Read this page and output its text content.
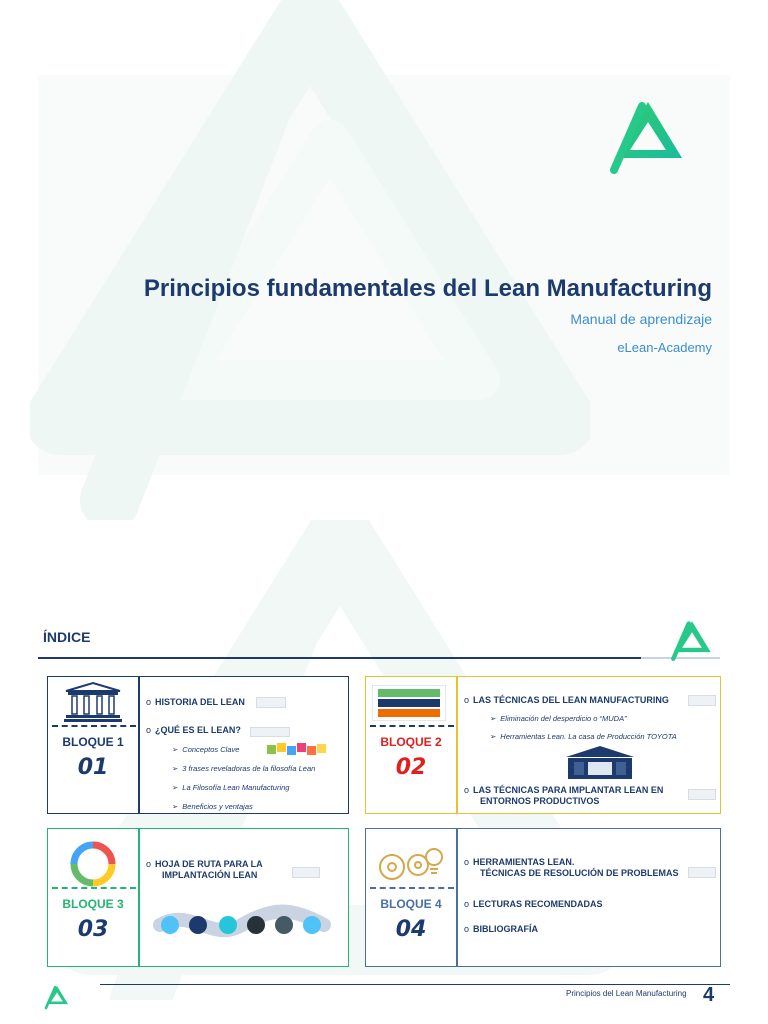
Principios fundamentales del Lean Manufacturing
Manual de aprendizaje
eLean-Academy
ÍNDICE
BLOQUE 1
01
o HISTORIA DEL LEAN
o ¿QUÉ ES EL LEAN?
➢ Conceptos Clave
➢ 3 frases reveladoras de la filosofía Lean
➢ La Filosofía Lean Manufacturing
➢ Beneficios y ventajas
BLOQUE 2
02
o LAS TÉCNICAS DEL LEAN MANUFACTURING
➢ Eliminación del desperdicio o “MUDA”
➢ Herramientas Lean. La casa de Producción TOYOTA
o LAS TÉCNICAS PARA IMPLANTAR LEAN EN
ENTORNOS PRODUCTIVOS
BLOQUE 3
03
o HOJA DE RUTA PARA LA
IMPLANTACIÓN LEAN
BLOQUE 4
04
o HERRAMIENTAS LEAN.
TÉCNICAS DE RESOLUCIÓN DE PROBLEMAS
o LECTURAS RECOMENDADAS
o BIBLIOGRAFÍA
Principios del Lean Manufacturing 4
